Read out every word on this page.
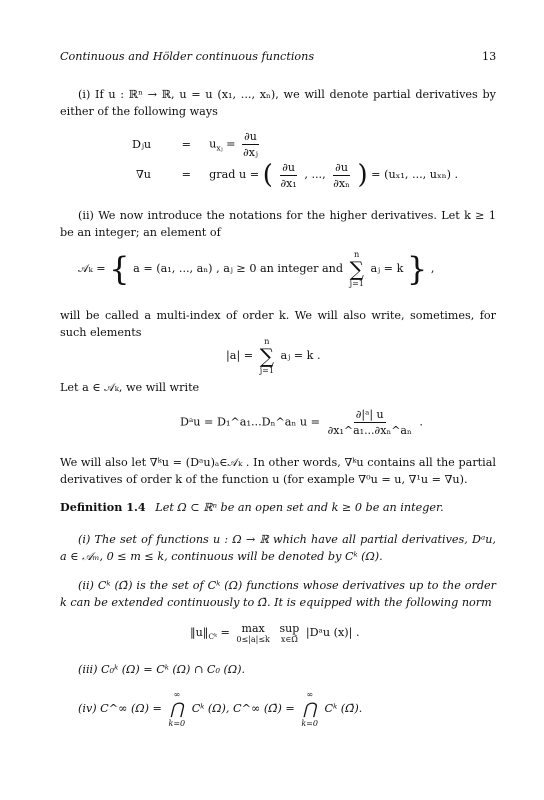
Continuous and Hölder continuous functions	13
(i) If u : ℝⁿ → ℝ, u = u (x₁, ..., xₙ), we will denote partial derivatives by either of the following ways
Dⱼu	= $u_{xⱼ} = \frac{\partial u}{\text{∂xⱼ}}$
∇u	= grad u = ( $\frac{\partial u}{\text{∂x₁}}$ , ..., $\frac{\partial u}{\text{∂xₙ}}$ ) = (uₓ₁, ..., uₓₙ) .
(ii) We now introduce the notations for the higher derivatives. Let k ≥ 1 be an integer; an element of
𝒜ₖ = { a = (a₁, ..., aₙ) , aⱼ ≥ 0 an integer and
n
∑
j=1
aⱼ = k } ,
will be called a multi-index of order k. We will also write, sometimes, for such elements
|a| =
n
∑
j=1
aⱼ = k .
Let a ∈ 𝒜ₖ, we will write
Dᵃu = D₁^a₁...Dₙ^aₙ $u = \frac{\text{∂|ᵃ| u}}{\text{∂x₁\textasciicircum{}a₁...∂xₙ\textasciicircum{}aₙ}}$ .
We will also let ∇ᵏu = (Dᵃu)ₐ∈𝒜ₖ . In other words, ∇ᵏu contains all the partial derivatives of order k of the function u (for example ∇⁰u = u, ∇¹u = ∇u).
Definition 1.4 Let Ω ⊂ ℝⁿ be an open set and k ≥ 0 be an integer.
(i) The set of functions u : Ω → ℝ which have all partial derivatives, Dᵃu, a ∈ 𝒜ₘ, 0 ≤ m ≤ k, continuous will be denoted by Cᵏ (Ω).
(ii) Cᵏ (Ω̄) is the set of Cᵏ (Ω) functions whose derivatives up to the order k can be extended continuously to Ω̄. It is equipped with the following norm
$‖u‖_{Cᵏ} = \max$
0≤|a|≤k

sup
x∈Ω̄
|Dᵃu (x)| .
(iii) C₀ᵏ (Ω) = Cᵏ (Ω) ∩ C₀ (Ω).
(iv) C^∞ (Ω) =
∞
⋂
k=0
Cᵏ (Ω), C^∞ (Ω̄) =
∞
⋂
k=0
Cᵏ (Ω̄).
